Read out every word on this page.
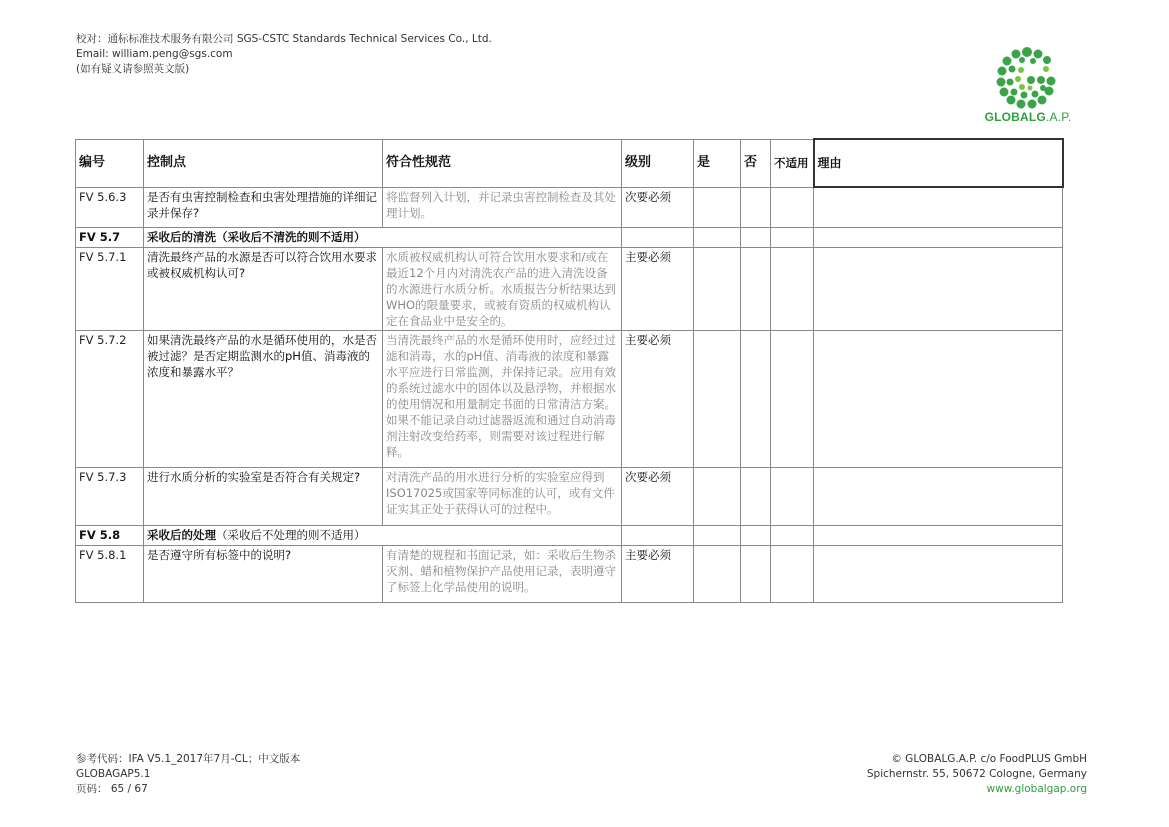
校对：通标标准技术服务有限公司 SGS-CSTC Standards Technical Services Co., Ltd.
Email: william.peng@sgs.com
(如有疑义请参照英文版)
GLOBALG.A.P.
编号	控制点	符合性规范	级别	是	否	不适用	理由
FV 5.6.3	是否有虫害控制检查和虫害处理措施的详细记录并保存?	将监督列入计划，并记录虫害控制检查及其处理计划。	次要必须				
FV 5.7	采收后的清洗（采收后不清洗的则不适用）						
FV 5.7.1	清洗最终产品的水源是否可以符合饮用水要求或被权威机构认可?	水质被权威机构认可符合饮用水要求和/或在最近12个月内对清洗农产品的进入清洗设备的水源进行水质分析。水质报告分析结果达到WHO的限量要求，或被有资质的权威机构认定在食品业中是安全的。	主要必须				
FV 5.7.2	如果清洗最终产品的水是循环使用的，水是否被过滤？是否定期监测水的pH值、消毒液的浓度和暴露水平？	当清洗最终产品的水是循环使用时，应经过过滤和消毒，水的pH值、消毒液的浓度和暴露水平应进行日常监测，并保持记录。应用有效的系统过滤水中的固体以及悬浮物，并根据水的使用情况和用量制定书面的日常清洁方案。如果不能记录自动过滤器返流和通过自动消毒剂注射改变给药率，则需要对该过程进行解释。	主要必须				
FV 5.7.3	进行水质分析的实验室是否符合有关规定?	对清洗产品的用水进行分析的实验室应得到ISO17025或国家等同标准的认可，或有文件证实其正处于获得认可的过程中。	次要必须				
FV 5.8	采收后的处理（采收后不处理的则不适用）						
FV 5.8.1	是否遵守所有标签中的说明?	有清楚的规程和书面记录，如：采收后生物杀灭剂、蜡和植物保护产品使用记录，表明遵守了标签上化学品使用的说明。	主要必须				
参考代码：IFA V5.1_2017年7月-CL；中文版本
GLOBAGAP5.1
页码： 65 / 67
© GLOBALG.A.P. c/o FoodPLUS GmbH
Spichernstr. 55, 50672 Cologne, Germany
www.globalgap.org
